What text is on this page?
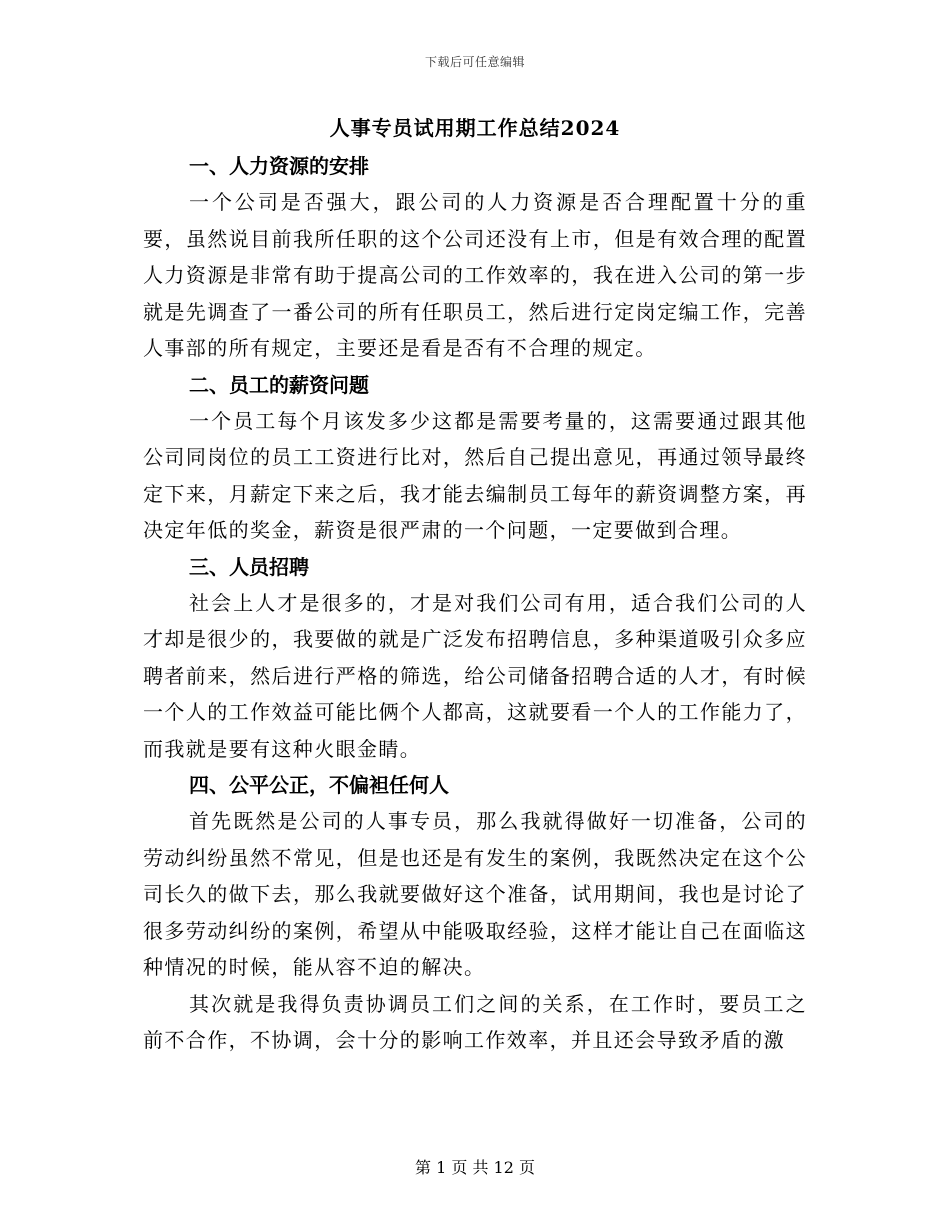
下载后可任意编辑
人事专员试用期工作总结2024
一、人力资源的安排

一个公司是否强大，跟公司的人力资源是否合理配置十分的重要，虽然说目前我所任职的这个公司还没有上市，但是有效合理的配置人力资源是非常有助于提高公司的工作效率的，我在进入公司的第一步就是先调查了一番公司的所有任职员工，然后进行定岗定编工作，完善人事部的所有规定，主要还是看是否有不合理的规定。

二、员工的薪资问题

一个员工每个月该发多少这都是需要考量的，这需要通过跟其他公司同岗位的员工工资进行比对，然后自己提出意见，再通过领导最终定下来，月薪定下来之后，我才能去编制员工每年的薪资调整方案，再决定年低的奖金，薪资是很严肃的一个问题，一定要做到合理。

三、人员招聘

社会上人才是很多的，才是对我们公司有用，适合我们公司的人才却是很少的，我要做的就是广泛发布招聘信息，多种渠道吸引众多应聘者前来，然后进行严格的筛选，给公司储备招聘合适的人才，有时候一个人的工作效益可能比俩个人都高，这就要看一个人的工作能力了，而我就是要有这种火眼金睛。

四、公平公正，不偏袒任何人

首先既然是公司的人事专员，那么我就得做好一切准备，公司的劳动纠纷虽然不常见，但是也还是有发生的案例，我既然决定在这个公司长久的做下去，那么我就要做好这个准备，试用期间，我也是讨论了很多劳动纠纷的案例，希望从中能吸取经验，这样才能让自己在面临这种情况的时候，能从容不迫的解决。

其次就是我得负责协调员工们之间的关系，在工作时，要员工之前不合作，不协调，会十分的影响工作效率，并且还会导致矛盾的激

第 1 页 共 12 页
